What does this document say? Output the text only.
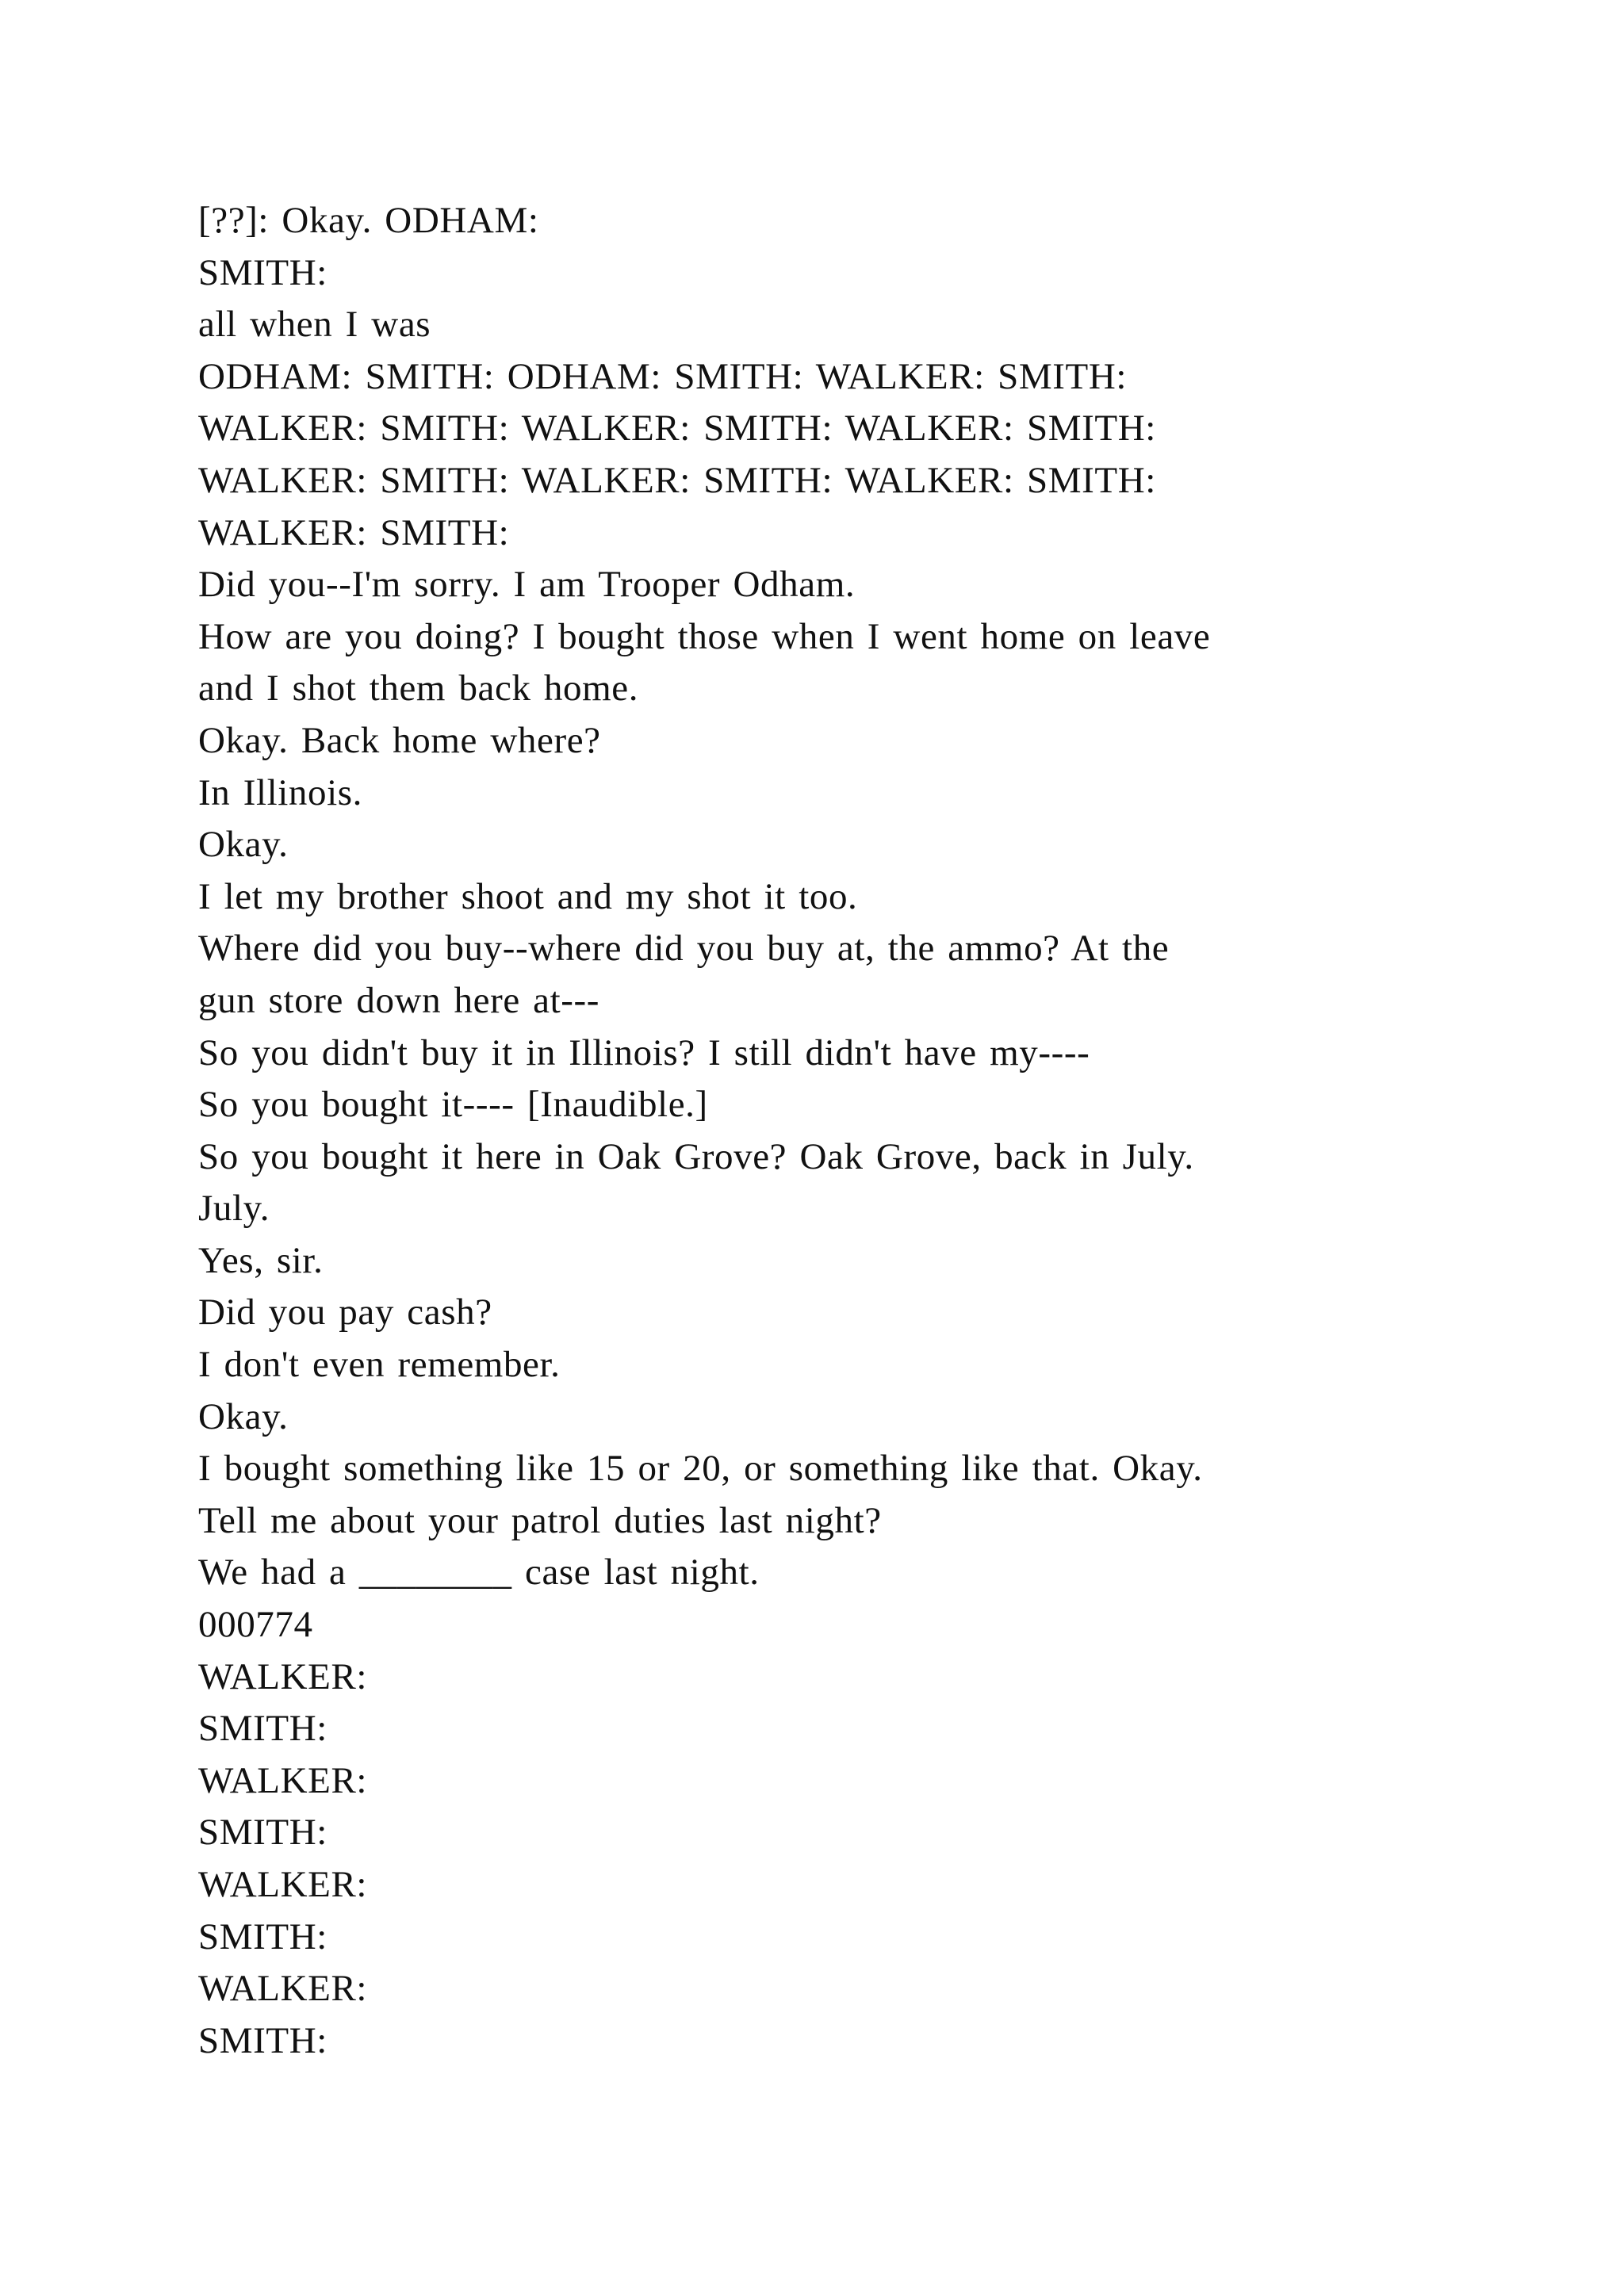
[??]: Okay. ODHAM:
SMITH:
all when I was
ODHAM: SMITH: ODHAM: SMITH: WALKER: SMITH:
WALKER: SMITH: WALKER: SMITH: WALKER: SMITH:
WALKER: SMITH: WALKER: SMITH: WALKER: SMITH:
WALKER: SMITH:
Did you--I'm sorry. I am Trooper Odham.
How are you doing? I bought those when I went home on leave
and I shot them back home.
Okay. Back home where?
In Illinois.
Okay.
I let my brother shoot and my shot it too.
Where did you buy--where did you buy at, the ammo? At the
gun store down here at---
So you didn't buy it in Illinois? I still didn't have my----
So you bought it---- [Inaudible.]
So you bought it here in Oak Grove? Oak Grove, back in July.
July.
Yes, sir.
Did you pay cash?
I don't even remember.
Okay.
I bought something like 15 or 20, or something like that. Okay.
Tell me about your patrol duties last night?
We had a ________ case last night.
000774
WALKER:
SMITH:
WALKER:
SMITH:
WALKER:
SMITH:
WALKER:
SMITH:
